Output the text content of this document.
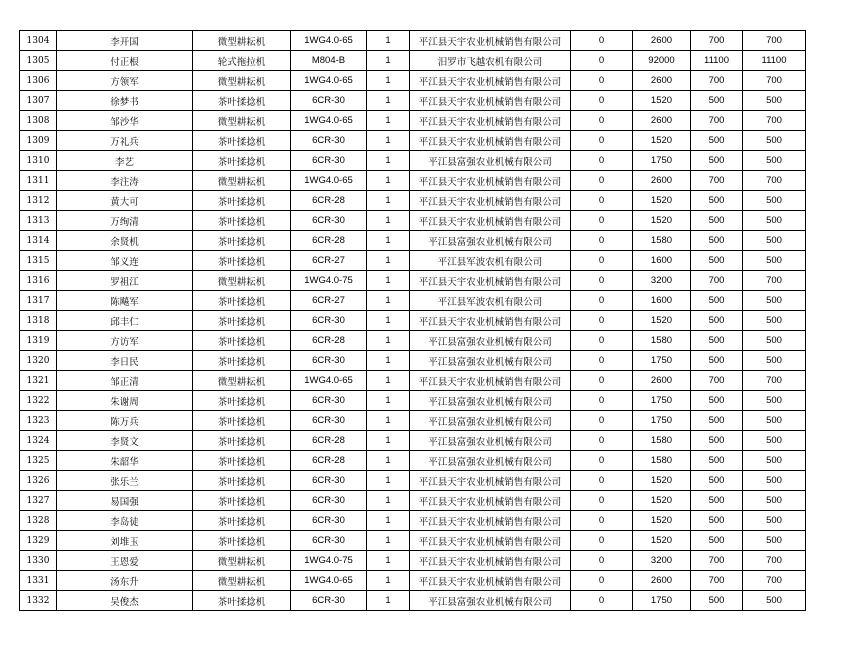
1304	李开国	微型耕耘机	1WG4.0-65	1	平江县天宇农业机械销售有限公司	0	2600	700	700
1305	付正根	轮式拖拉机	M804-B	1	汨罗市飞越农机有限公司	0	92000	11100	11100
1306	方领军	微型耕耘机	1WG4.0-65	1	平江县天宇农业机械销售有限公司	0	2600	700	700
1307	徐梦书	茶叶揉捻机	6CR-30	1	平江县天宇农业机械销售有限公司	0	1520	500	500
1308	邹沙华	微型耕耘机	1WG4.0-65	1	平江县天宇农业机械销售有限公司	0	2600	700	700
1309	万礼兵	茶叶揉捻机	6CR-30	1	平江县天宇农业机械销售有限公司	0	1520	500	500
1310	李艺	茶叶揉捻机	6CR-30	1	平江县富强农业机械有限公司	0	1750	500	500
1311	李注涛	微型耕耘机	1WG4.0-65	1	平江县天宇农业机械销售有限公司	0	2600	700	700
1312	黄大可	茶叶揉捻机	6CR-28	1	平江县天宇农业机械销售有限公司	0	1520	500	500
1313	万绚清	茶叶揉捻机	6CR-30	1	平江县天宇农业机械销售有限公司	0	1520	500	500
1314	余贤机	茶叶揉捻机	6CR-28	1	平江县富强农业机械有限公司	0	1580	500	500
1315	邹义连	茶叶揉捻机	6CR-27	1	平江县军波农机有限公司	0	1600	500	500
1316	罗祖江	微型耕耘机	1WG4.0-75	1	平江县天宇农业机械销售有限公司	0	3200	700	700
1317	陈飚军	茶叶揉捻机	6CR-27	1	平江县军波农机有限公司	0	1600	500	500
1318	邱丰仁	茶叶揉捻机	6CR-30	1	平江县天宇农业机械销售有限公司	0	1520	500	500
1319	方访军	茶叶揉捻机	6CR-28	1	平江县富强农业机械有限公司	0	1580	500	500
1320	李日民	茶叶揉捻机	6CR-30	1	平江县富强农业机械有限公司	0	1750	500	500
1321	邹正清	微型耕耘机	1WG4.0-65	1	平江县天宇农业机械销售有限公司	0	2600	700	700
1322	朱谢周	茶叶揉捻机	6CR-30	1	平江县富强农业机械有限公司	0	1750	500	500
1323	陈万兵	茶叶揉捻机	6CR-30	1	平江县富强农业机械有限公司	0	1750	500	500
1324	李贤文	茶叶揉捻机	6CR-28	1	平江县富强农业机械有限公司	0	1580	500	500
1325	朱韶华	茶叶揉捻机	6CR-28	1	平江县富强农业机械有限公司	0	1580	500	500
1326	张乐兰	茶叶揉捻机	6CR-30	1	平江县天宇农业机械销售有限公司	0	1520	500	500
1327	易国强	茶叶揉捻机	6CR-30	1	平江县天宇农业机械销售有限公司	0	1520	500	500
1328	李岛徒	茶叶揉捻机	6CR-30	1	平江县天宇农业机械销售有限公司	0	1520	500	500
1329	刘堆玉	茶叶揉捻机	6CR-30	1	平江县天宇农业机械销售有限公司	0	1520	500	500
1330	王恩爱	微型耕耘机	1WG4.0-75	1	平江县天宇农业机械销售有限公司	0	3200	700	700
1331	汤东升	微型耕耘机	1WG4.0-65	1	平江县天宇农业机械销售有限公司	0	2600	700	700
1332	吴俊杰	茶叶揉捻机	6CR-30	1	平江县富强农业机械有限公司	0	1750	500	500
